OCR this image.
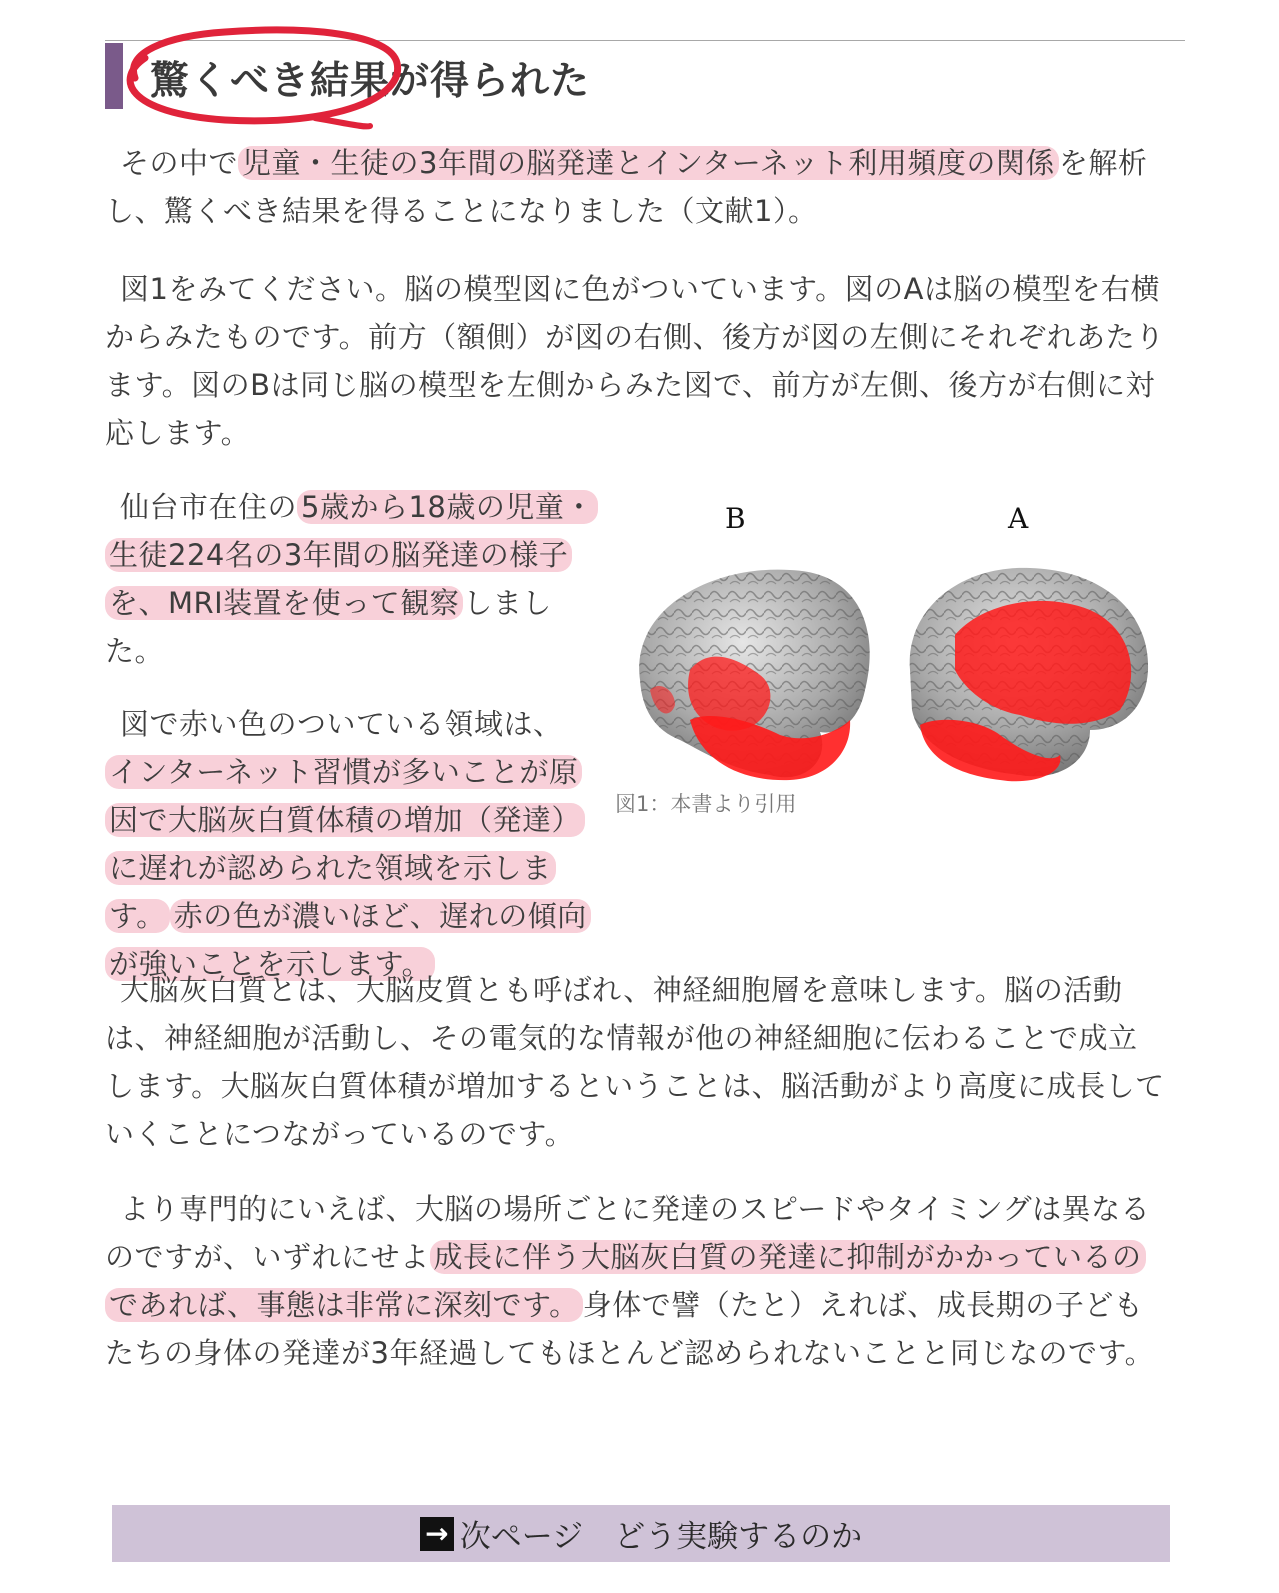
驚くべき結果が得られた

その中で 児童・生徒の3年間の脳発達とインターネット利用頻度の関係 を解析し、驚くべき結果を得ることになりました（文献1）。

図1をみてください。脳の模型図に色がついています。図のAは脳の模型を右横からみたものです。前方（額側）が図の右側、後方が図の左側にそれぞれあたります。図のBは同じ脳の模型を左側からみた図で、前方が左側、後方が右側に対応します。

仙台市在住の 5歳から18歳の児童・生徒224名の3年間の脳発達の様子を、MRI装置を使って観察 しました。

B	A
図1：本書より引用

図で赤い色のついている領域は、インターネット習慣が多いことが原因で大脳灰白質体積の増加（発達）に遅れが認められた領域を示します。 赤の色が濃いほど、遅れの傾向が強いことを示します。

大脳灰白質とは、大脳皮質とも呼ばれ、神経細胞層を意味します。脳の活動は、神経細胞が活動し、その電気的な情報が他の神経細胞に伝わることで成立します。大脳灰白質体積が増加するということは、脳活動がより高度に成長していくことにつながっているのです。

より専門的にいえば、大脳の場所ごとに発達のスピードやタイミングは異なるのですが、いずれにせよ 成長に伴う大脳灰白質の発達に抑制がかかっているのであれば、事態は非常に深刻です。 身体で譬（たと）えれば、成長期の子どもたちの身体の発達が3年経過してもほとんど認められないことと同じなのです。

→ 次ページ　どう実験するのか
